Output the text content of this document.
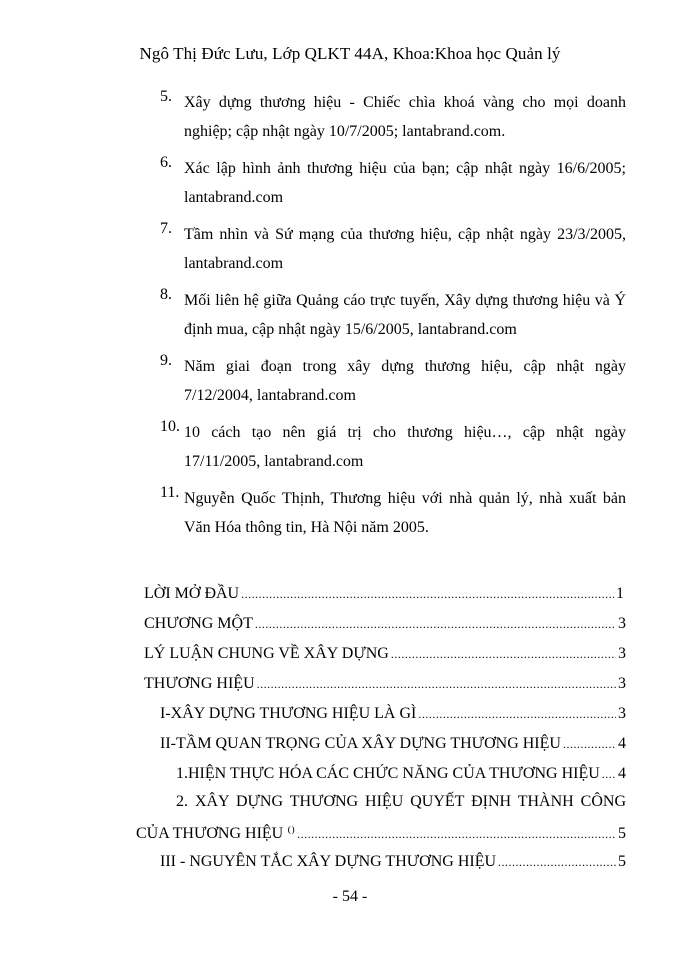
Ngô Thị Đức Lưu, Lớp QLKT 44A, Khoa:Khoa học Quản lý
5. Xây dựng thương hiệu - Chiếc chìa khoá vàng cho mọi doanh nghiệp; cập nhật ngày 10/7/2005; lantabrand.com.
6. Xác lập hình ảnh thương hiệu của bạn; cập nhật ngày 16/6/2005; lantabrand.com
7. Tầm nhìn và Sứ mạng của thương hiệu, cập nhật ngày 23/3/2005, lantabrand.com
8. Mối liên hệ giữa Quảng cáo trực tuyến, Xây dựng thương hiệu và Ý định mua, cập nhật ngày 15/6/2005, lantabrand.com
9. Năm giai đoạn trong xây dựng thương hiệu, cập nhật ngày 7/12/2004, lantabrand.com
10. 10 cách tạo nên giá trị cho thương hiệu…, cập nhật ngày 17/11/2005, lantabrand.com
11. Nguyễn Quốc Thịnh, Thương hiệu với nhà quản lý, nhà xuất bản Văn Hóa thông tin, Hà Nội năm 2005.
LỜI MỞ ĐẦU .....	1
CHƯƠNG MỘT .....	3
LÝ LUẬN CHUNG VỀ XÂY DỰNG .....	3
THƯƠNG HIỆU .....	3
I-XÂY DỰNG THƯƠNG HIỆU LÀ GÌ .....	3
II-TẦM QUAN TRỌNG CỦA XÂY DỰNG THƯƠNG HIỆU .....	4
1.HIỆN THỰC HÓA CÁC CHỨC NĂNG CỦA THƯƠNG HIỆU ..... 4
2. XÂY DỰNG THƯƠNG HIỆU QUYẾT ĐỊNH THÀNH CÔNG
CỦA THƯƠNG HIỆU ⁽⁾ .....	5
III - NGUYÊN TẮC XÂY DỰNG THƯƠNG HIỆU .....	5
- 54 -
